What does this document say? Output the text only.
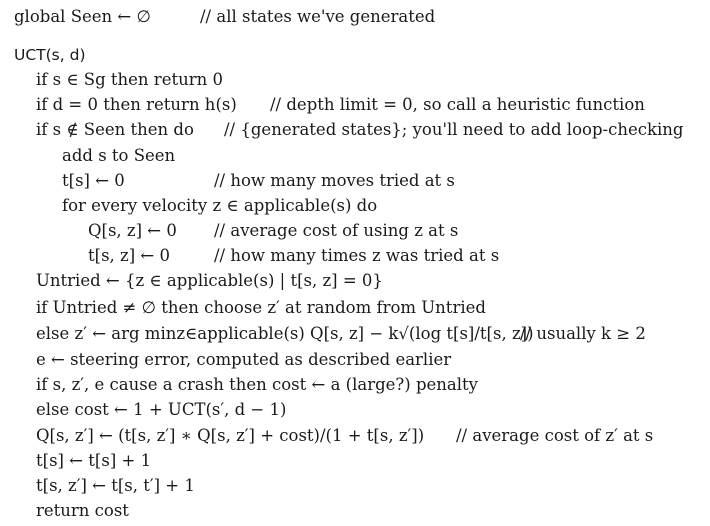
global Seen ← ∅	// all states we've generated
UCT(s, d)
if s ∈ Sg then return 0
if d = 0 then return h(s) // depth limit = 0, so call a heuristic function
if s ∉ Seen then do // {generated states}; you'll need to add loop-checking
add s to Seen
t[s] ← 0	// how many moves tried at s
for every velocity z ∈ applicable(s) do
Q[s, z] ← 0 // average cost of using z at s
t[s, z] ← 0	// how many times z was tried at s
Untried ← {z ∈ applicable(s) | t[s, z] = 0}
if Untried ≠ ∅ then choose z′ at random from Untried
else z′ ← arg minz∈applicable(s) Q[s, z] − k√(log t[s]/t[s, z])
// usually k ≥ 2
e ← steering error, computed as described earlier
if s, z′, e cause a crash then cost ← a (large?) penalty
else cost ← 1 + UCT(s′, d − 1)
Q[s, z′] ← (t[s, z′] ∗ Q[s, z′] + cost)/(1 + t[s, z′]) // average cost of z′ at s
t[s] ← t[s] + 1
t[s, z′] ← t[s, t′] + 1
return cost
